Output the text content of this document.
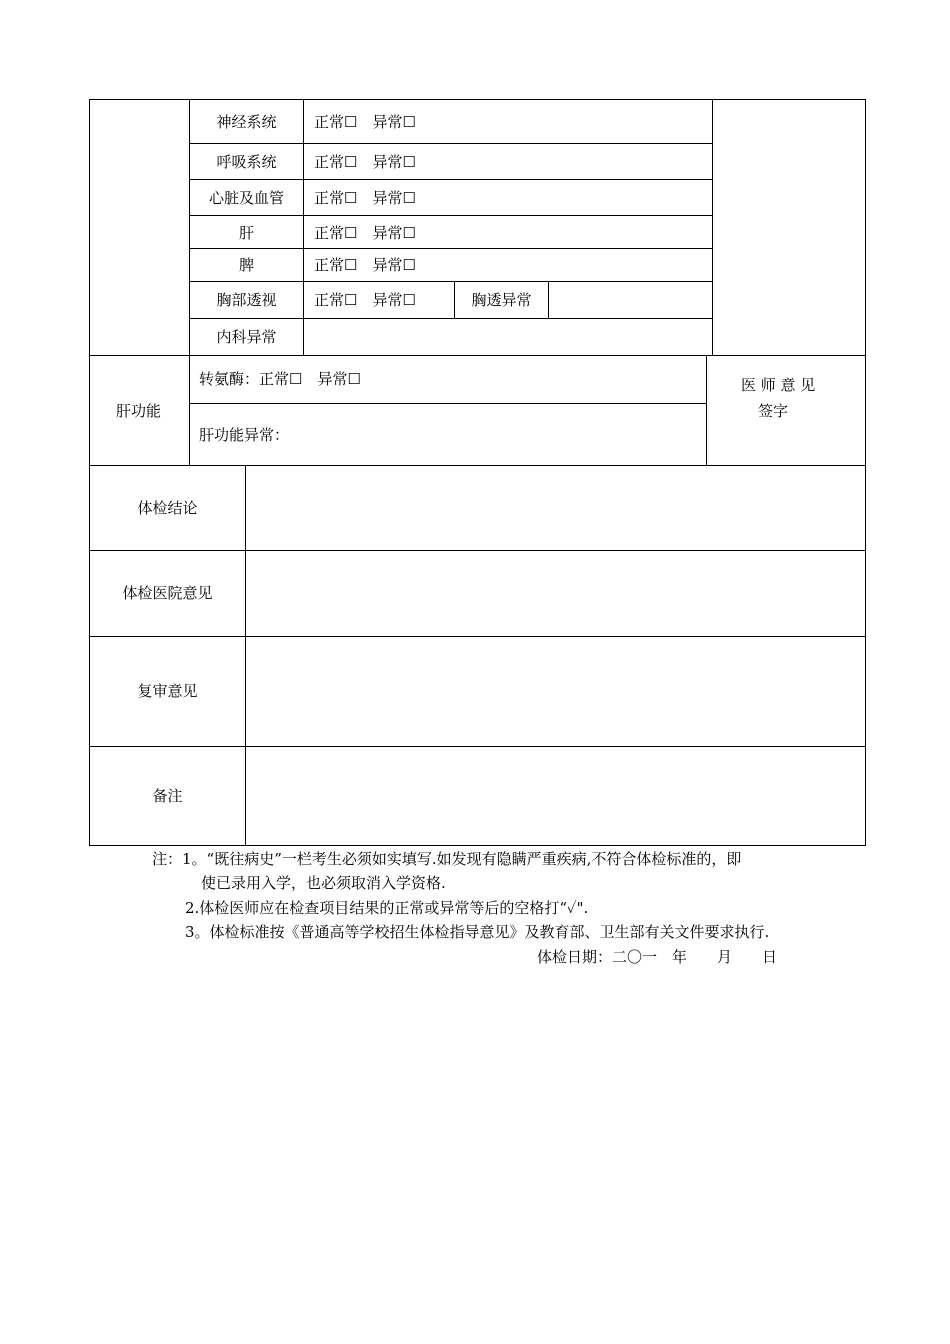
神经系统
呼吸系统
心脏及血管
肝
脾
胸部透视
内科异常
正常☐　异常☐
正常☐　异常☐
正常☐　异常☐
正常☐　异常☐
正常☐　异常☐
正常☐　异常☐	胸透异常
肝功能
转氨酶：正常☐　异常☐
肝功能异常：
医 师 意 见
签字
体检结论
体检医院意见
复审意见
备注
注：1。“既往病史”一栏考生必须如实填写.如发现有隐瞒严重疾病,不符合体检标准的，即
使已录用入学，也必须取消入学资格.
2.体检医师应在检查项目结果的正常或异常等后的空格打“✓".
3。体检标准按《普通高等学校招生体检指导意见》及教育部、卫生部有关文件要求执行.
体检日期：二〇一　年　　月　　日
